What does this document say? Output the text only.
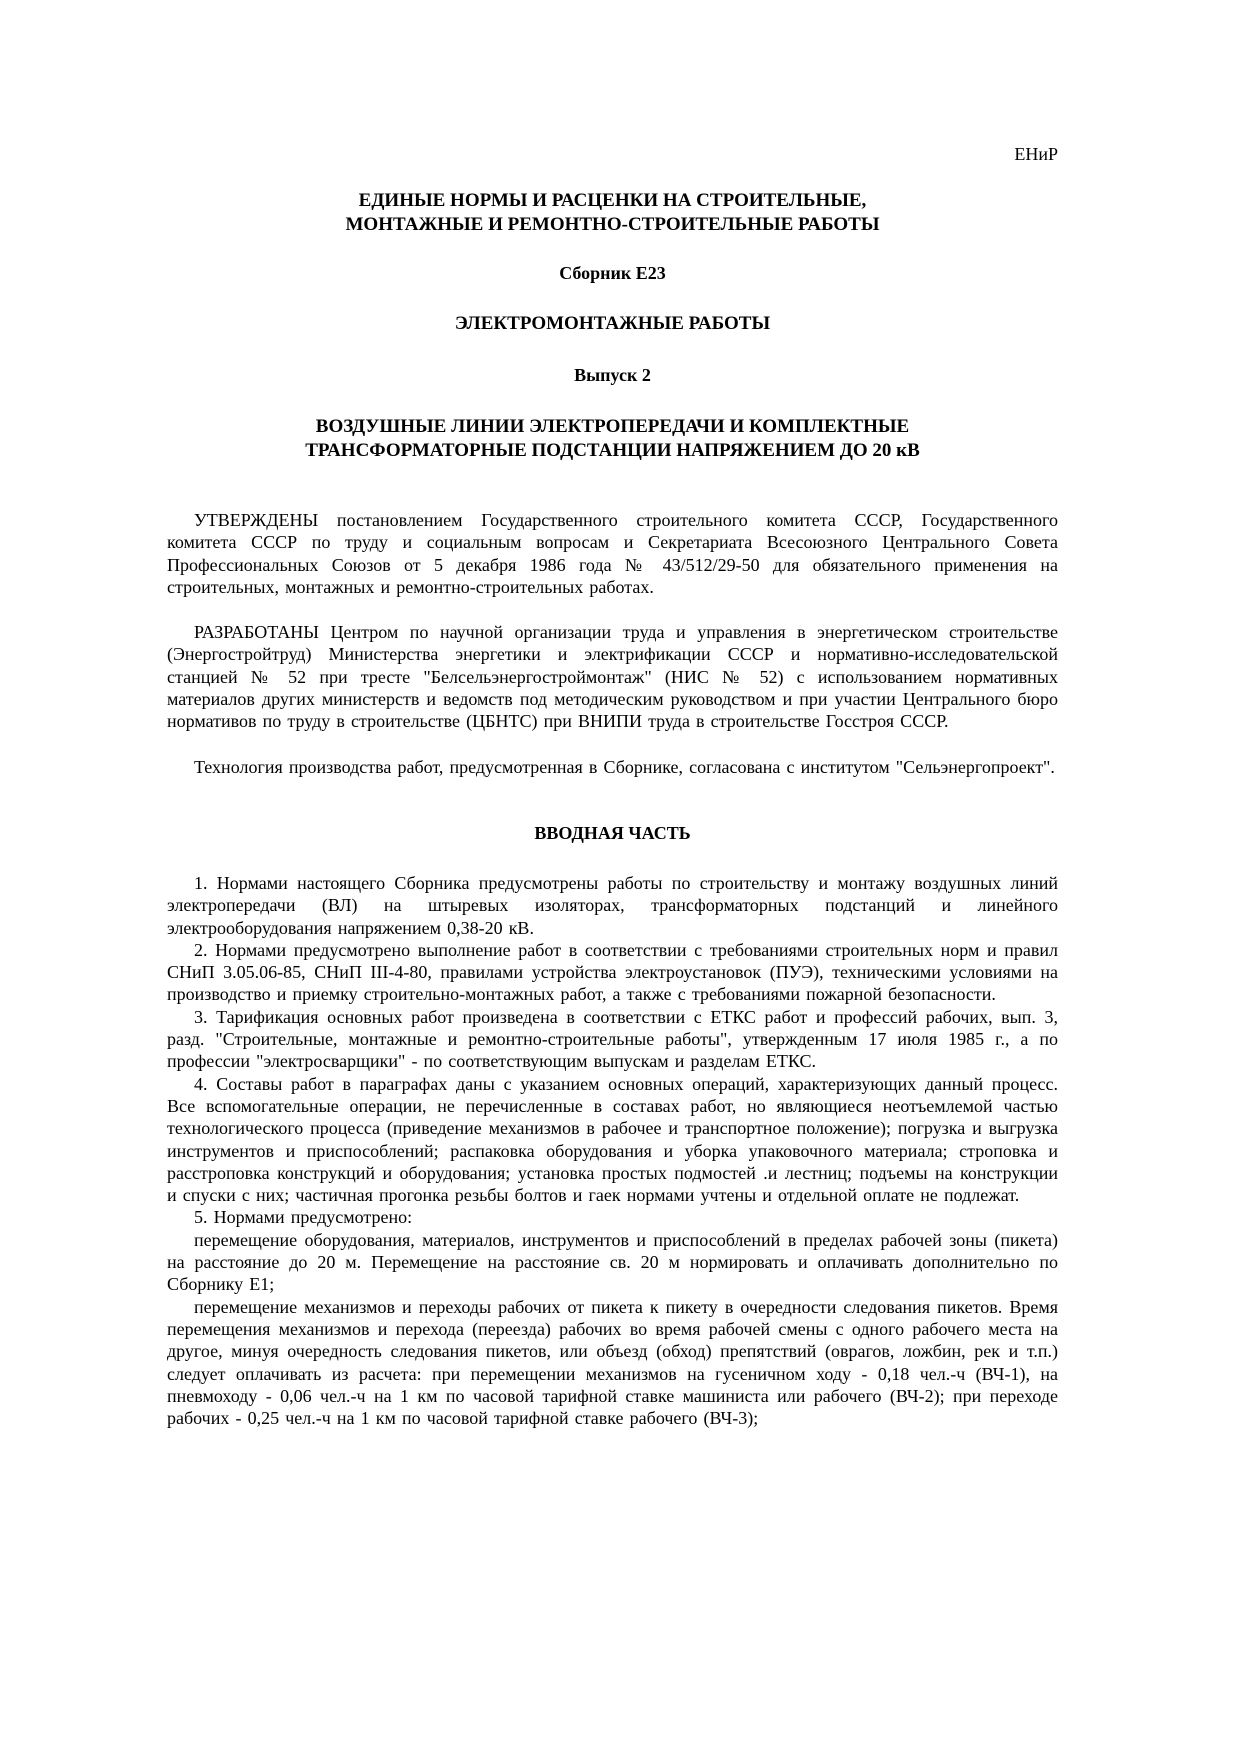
ЕНиР
ЕДИНЫЕ НОРМЫ И РАСЦЕНКИ НА СТРОИТЕЛЬНЫЕ,
МОНТАЖНЫЕ И РЕМОНТНО-СТРОИТЕЛЬНЫЕ РАБОТЫ
Сборник Е23
ЭЛЕКТРОМОНТАЖНЫЕ РАБОТЫ
Выпуск 2
ВОЗДУШНЫЕ ЛИНИИ ЭЛЕКТРОПЕРЕДАЧИ И КОМПЛЕКТНЫЕ
ТРАНСФОРМАТОРНЫЕ ПОДСТАНЦИИ НАПРЯЖЕНИЕМ ДО 20 кВ

УТВЕРЖДЕНЫ постановлением Государственного строительного комитета СССР, Государственного комитета СССР по труду и социальным вопросам и Секретариата Всесоюзного Центрального Совета Профессиональных Союзов от 5 декабря 1986 года № 43/512/29-50 для обязательного применения на строительных, монтажных и ремонтно-строительных работах.

РАЗРАБОТАНЫ Центром по научной организации труда и управления в энергетическом строительстве (Энергостройтруд) Министерства энергетики и электрификации СССР и нормативно-исследовательской станцией № 52 при тресте "Белсельэнергостроймонтаж" (НИС № 52) с использованием нормативных материалов других министерств и ведомств под методическим руководством и при участии Центрального бюро нормативов по труду в строительстве (ЦБНТС) при ВНИПИ труда в строительстве Госстроя СССР.

Технология производства работ, предусмотренная в Сборнике, согласована с институтом "Сельэнергопроект".

ВВОДНАЯ ЧАСТЬ

1. Нормами настоящего Сборника предусмотрены работы по строительству и монтажу воздушных линий электропередачи (ВЛ) на штыревых изоляторах, трансформаторных подстанций и линейного электрооборудования напряжением 0,38-20 кВ.

2. Нормами предусмотрено выполнение работ в соответствии с требованиями строительных норм и правил СНиП 3.05.06-85, СНиП III-4-80, правилами устройства электроустановок (ПУЭ), техническими условиями на производство и приемку строительно-монтажных работ, а также с требованиями пожарной безопасности.

3. Тарификация основных работ произведена в соответствии с ЕТКС работ и профессий рабочих, вып. 3, разд. "Строительные, монтажные и ремонтно-строительные работы", утвержденным 17 июля 1985 г., а по профессии "электросварщики" - по соответствующим выпускам и разделам ЕТКС.

4. Составы работ в параграфах даны с указанием основных операций, характеризующих данный процесс. Все вспомогательные операции, не перечисленные в составах работ, но являющиеся неотъемлемой частью технологического процесса (приведение механизмов в рабочее и транспортное положение); погрузка и выгрузка инструментов и приспособлений; распаковка оборудования и уборка упаковочного материала; строповка и расстроповка конструкций и оборудования; установка простых подмостей .и лестниц; подъемы на конструкции и спуски с них; частичная прогонка резьбы болтов и гаек нормами учтены и отдельной оплате не подлежат.

5. Нормами предусмотрено:

перемещение оборудования, материалов, инструментов и приспособлений в пределах рабочей зоны (пикета) на расстояние до 20 м. Перемещение на расстояние св. 20 м нормировать и оплачивать дополнительно по Сборнику Е1;

перемещение механизмов и переходы рабочих от пикета к пикету в очередности следования пикетов. Время перемещения механизмов и перехода (переезда) рабочих во время рабочей смены с одного рабочего места на другое, минуя очередность следования пикетов, или объезд (обход) препятствий (оврагов, ложбин, рек и т.п.) следует оплачивать из расчета: при перемещении механизмов на гусеничном ходу - 0,18 чел.-ч (ВЧ-1), на пневмоходу - 0,06 чел.-ч на 1 км по часовой тарифной ставке машиниста или рабочего (ВЧ-2); при переходе рабочих - 0,25 чел.-ч на 1 км по часовой тарифной ставке рабочего (ВЧ-3);
